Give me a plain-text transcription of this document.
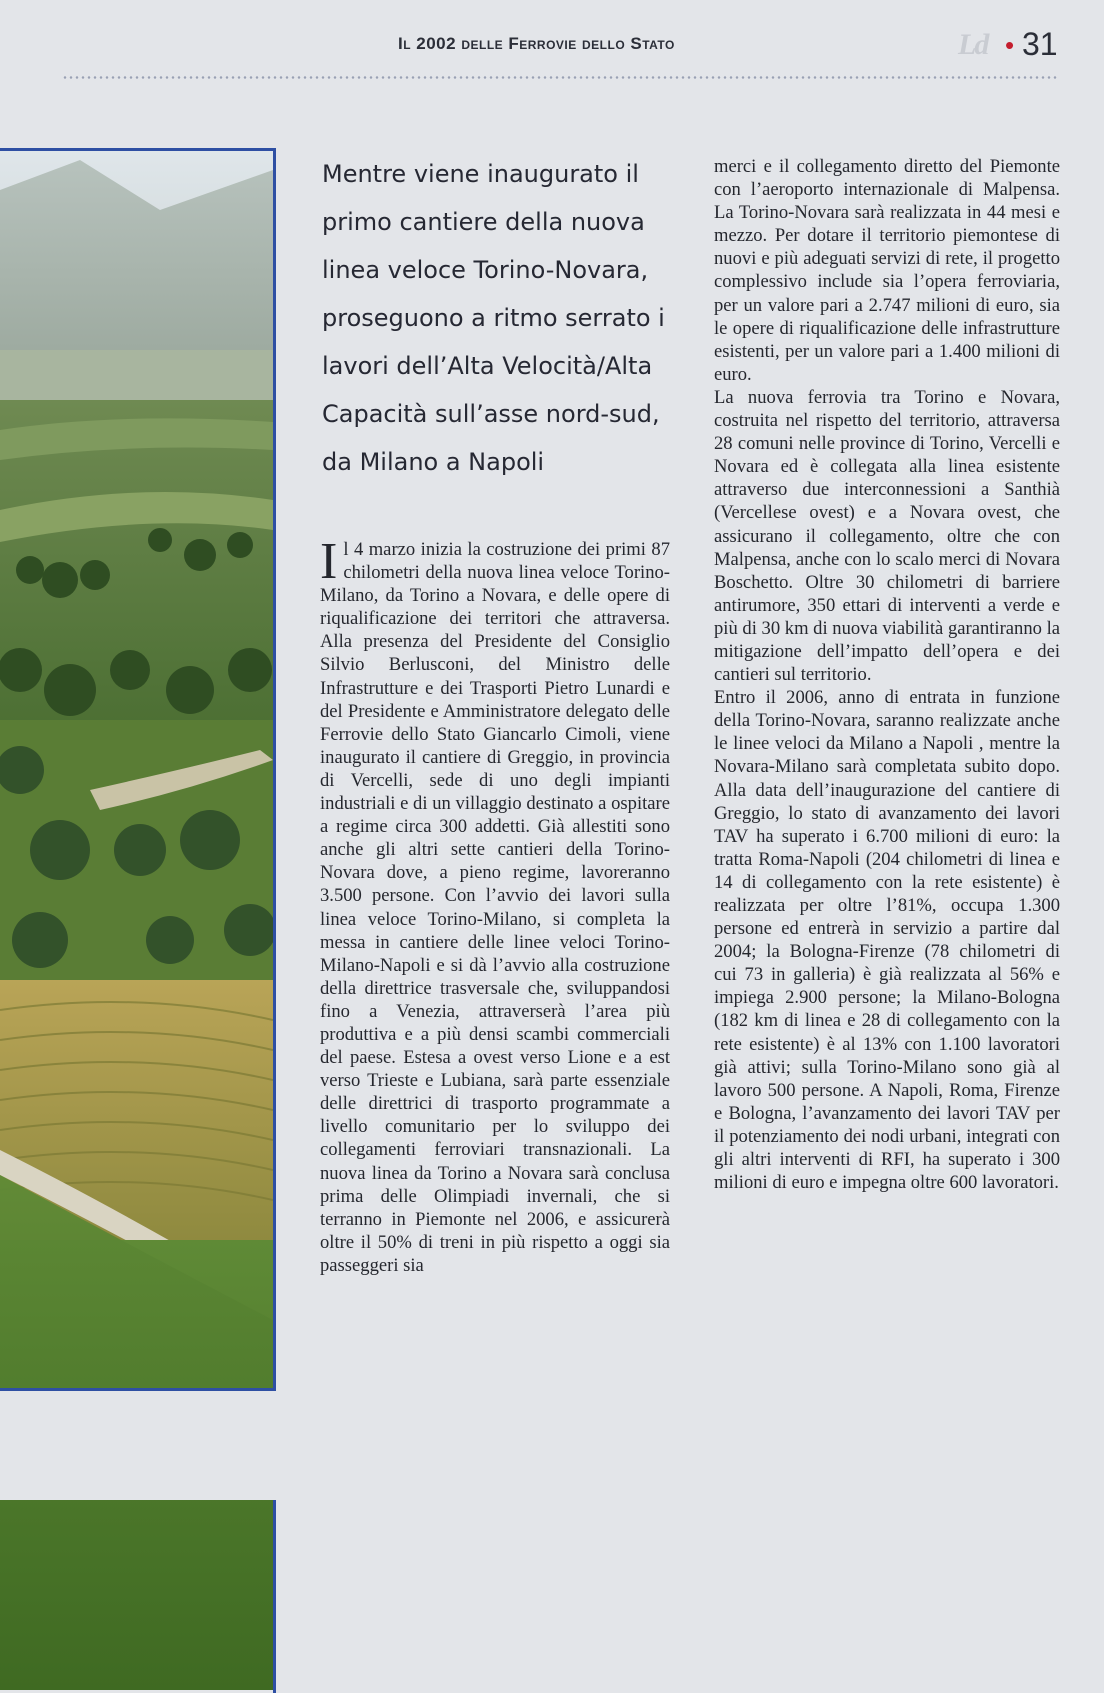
Il 2002 delle Ferrovie dello Stato	Ld • 31
Mentre viene inaugurato il primo cantiere della nuova linea veloce Torino-Novara, proseguono a ritmo serrato i lavori dell’Alta Velocità/Alta Capacità sull’asse nord-sud, da Milano a Napoli

Il 4 marzo inizia la costruzione dei primi 87 chilometri della nuova linea veloce Torino-Milano, da Torino a Novara, e delle opere di riqualificazione dei territori che attraversa. Alla presenza del Presidente del Consiglio Silvio Berlusconi, del Ministro delle Infrastrutture e dei Trasporti Pietro Lunardi e del Presidente e Amministratore delegato delle Ferrovie dello Stato Giancarlo Cimoli, viene inaugurato il cantiere di Greggio, in provincia di Vercelli, sede di uno degli impianti industriali e di un villaggio destinato a ospitare a regime circa 300 addetti. Già allestiti sono anche gli altri sette cantieri della Torino-Novara dove, a pieno regime, lavoreranno 3.500 persone. Con l’avvio dei lavori sulla linea veloce Torino-Milano, si completa la messa in cantiere delle linee veloci Torino-Milano-Napoli e si dà l’avvio alla costruzione della direttrice trasversale che, sviluppandosi fino a Venezia, attraverserà l’area più produttiva e a più densi scambi commerciali del paese. Estesa a ovest verso Lione e a est verso Trieste e Lubiana, sarà parte essenziale delle direttrici di trasporto programmate a livello comunitario per lo sviluppo dei collegamenti ferroviari transnazionali. La nuova linea da Torino a Novara sarà conclusa prima delle Olimpiadi invernali, che si terranno in Piemonte nel 2006, e assicurerà oltre il 50% di treni in più rispetto a oggi sia passeggeri sia

merci e il collegamento diretto del Piemonte con l’aeroporto internazionale di Malpensa. La Torino-Novara sarà realizzata in 44 mesi e mezzo. Per dotare il territorio piemontese di nuovi e più adeguati servizi di rete, il progetto complessivo include sia l’opera ferroviaria, per un valore pari a 2.747 milioni di euro, sia le opere di riqualificazione delle infrastrutture esistenti, per un valore pari a 1.400 milioni di euro.

La nuova ferrovia tra Torino e Novara, costruita nel rispetto del territorio, attraversa 28 comuni nelle province di Torino, Vercelli e Novara ed è collegata alla linea esistente attraverso due interconnessioni a Santhià (Vercellese ovest) e a Novara ovest, che assicurano il collegamento, oltre che con Malpensa, anche con lo scalo merci di Novara Boschetto. Oltre 30 chilometri di barriere antirumore, 350 ettari di interventi a verde e più di 30 km di nuova viabilità garantiranno la mitigazione dell’impatto dell’opera e dei cantieri sul territorio.

Entro il 2006, anno di entrata in funzione della Torino-Novara, saranno realizzate anche le linee veloci da Milano a Napoli , mentre la Novara-Milano sarà completata subito dopo. Alla data dell’inaugurazione del cantiere di Greggio, lo stato di avanzamento dei lavori TAV ha superato i 6.700 milioni di euro: la tratta Roma-Napoli (204 chilometri di linea e 14 di collegamento con la rete esistente) è realizzata per oltre l’81%, occupa 1.300 persone ed entrerà in servizio a partire dal 2004; la Bologna-Firenze (78 chilometri di cui 73 in galleria) è già realizzata al 56% e impiega 2.900 persone; la Milano-Bologna (182 km di linea e 28 di collegamento con la rete esistente) è al 13% con 1.100 lavoratori già attivi; sulla Torino-Milano sono già al lavoro 500 persone. A Napoli, Roma, Firenze e Bologna, l’avanzamento dei lavori TAV per il potenziamento dei nodi urbani, integrati con gli altri interventi di RFI, ha superato i 300 milioni di euro e impegna oltre 600 lavoratori.
